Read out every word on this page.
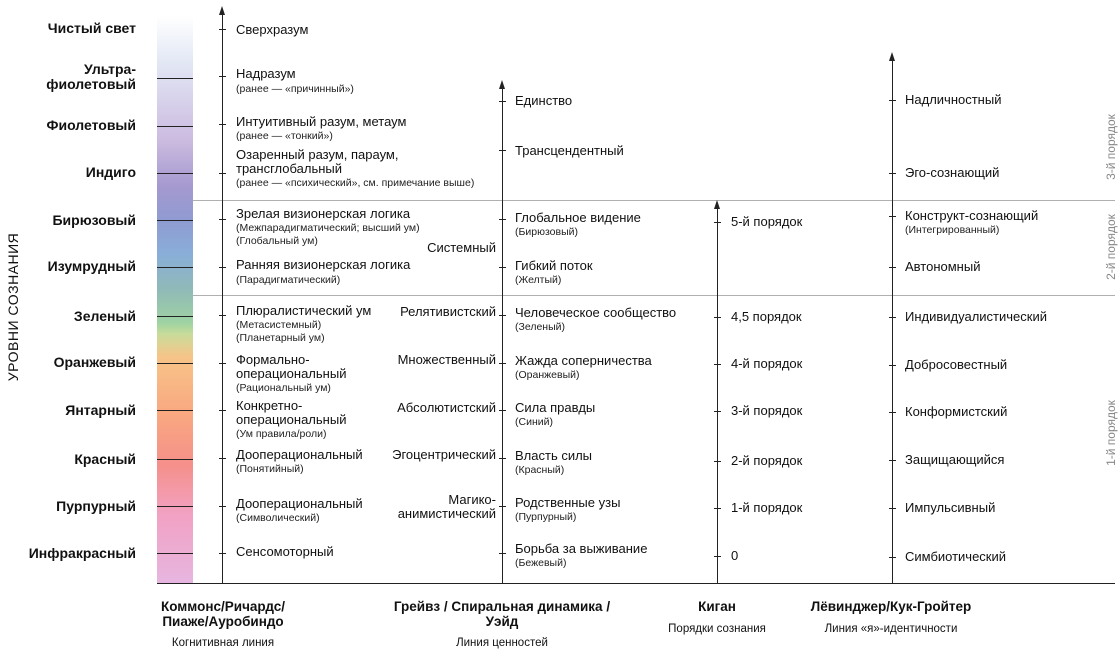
УРОВНИ СОЗНАНИЯ
Чистый свет
Ультра-
фиолетовый
Фиолетовый
Индиго
Бирюзовый
Изумрудный
Зеленый
Оранжевый
Янтарный
Красный
Пурпурный
Инфракрасный
Сверхразум
Надразум
(ранее — «причинный»)
Интуитивный разум, метаум
(ранее — «тонкий»)
Озаренный разум, параум,
трансглобальный
(ранее — «психический», см. примечание выше)
Зрелая визионерская логика
(Межпарадигматический; высший ум)
(Глобальный ум)
Ранняя визионерская логика
(Парадигматический)
Плюралистический ум
(Метасистемный)
(Планетарный ум)
Формально-
операциональный
(Рациональный ум)
Конкретно-
операциональный
(Ум правила/роли)
Дооперациональный
(Понятийный)
Дооперациональный
(Символический)
Сенсомоторный
Системный
Релятивистский
Множественный
Абсолютистский
Эгоцентрический
Магико-
анимистический
Единство
Трансцендентный
Глобальное видение
(Бирюзовый)
Гибкий поток
(Желтый)
Человеческое сообщество
(Зеленый)
Жажда соперничества
(Оранжевый)
Сила правды
(Синий)
Власть силы
(Красный)
Родственные узы
(Пурпурный)
Борьба за выживание
(Бежевый)
5-й порядок
4,5 порядок
4-й порядок
3-й порядок
2-й порядок
1-й порядок
0
Надличностный
Эго-сознающий
Конструкт-сознающий
(Интегрированный)
Автономный
Индивидуалистический
Добросовестный
Конформистский
Защищающийся
Импульсивный
Симбиотический
3-й порядок
2-й порядок
1-й порядок
Коммонс/Ричардс/
Пиаже/Ауробиндо
Когнитивная линия
Грейвз / Спиральная динамика /
Уэйд
Линия ценностей
Киган
Порядки сознания
Лёвинджер/Кук-Гройтер
Линия «я»-идентичности
